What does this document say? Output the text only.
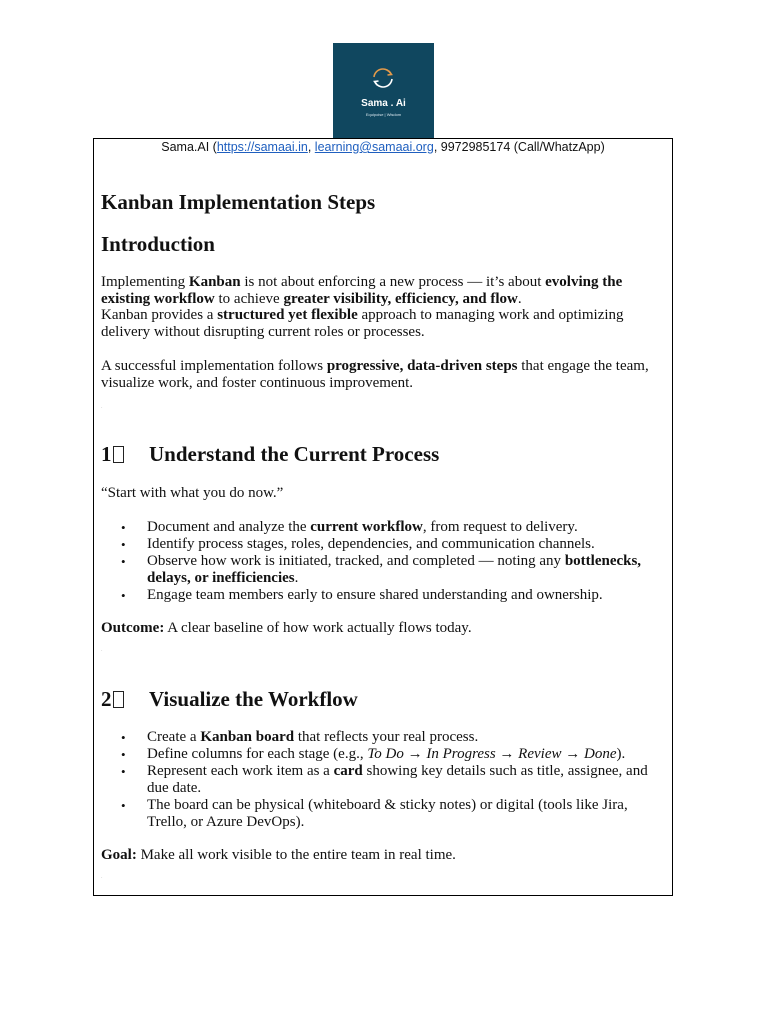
Sama . Ai
Equipoise | Wisdom
Sama.AI (https://samaai.in, learning@samaai.org, 9972985174 (Call/WhatzApp)
Kanban Implementation Steps
Introduction

Implementing Kanban is not about enforcing a new process — it’s about evolving the existing workflow to achieve greater visibility, efficiency, and flow.

Kanban provides a structured yet flexible approach to managing work and optimizing delivery without disrupting current roles or processes.

A successful implementation follows progressive, data-driven steps that engage the team, visualize work, and foster continuous improvement.

.
1 Understand the Current Process

“Start with what you do now.”

• Document and analyze the current workflow, from request to delivery.
• Identify process stages, roles, dependencies, and communication channels.
• Observe how work is initiated, tracked, and completed — noting any bottlenecks, delays, or inefficiencies.
• Engage team members early to ensure shared understanding and ownership.

Outcome: A clear baseline of how work actually flows today.

.
2 Visualize the Workflow
• Create a Kanban board that reflects your real process.
• Define columns for each stage (e.g., To Do → In Progress → Review → Done).
• Represent each work item as a card showing key details such as title, assignee, and due date.
• The board can be physical (whiteboard & sticky notes) or digital (tools like Jira, Trello, or Azure DevOps).

Goal: Make all work visible to the entire team in real time.

.
